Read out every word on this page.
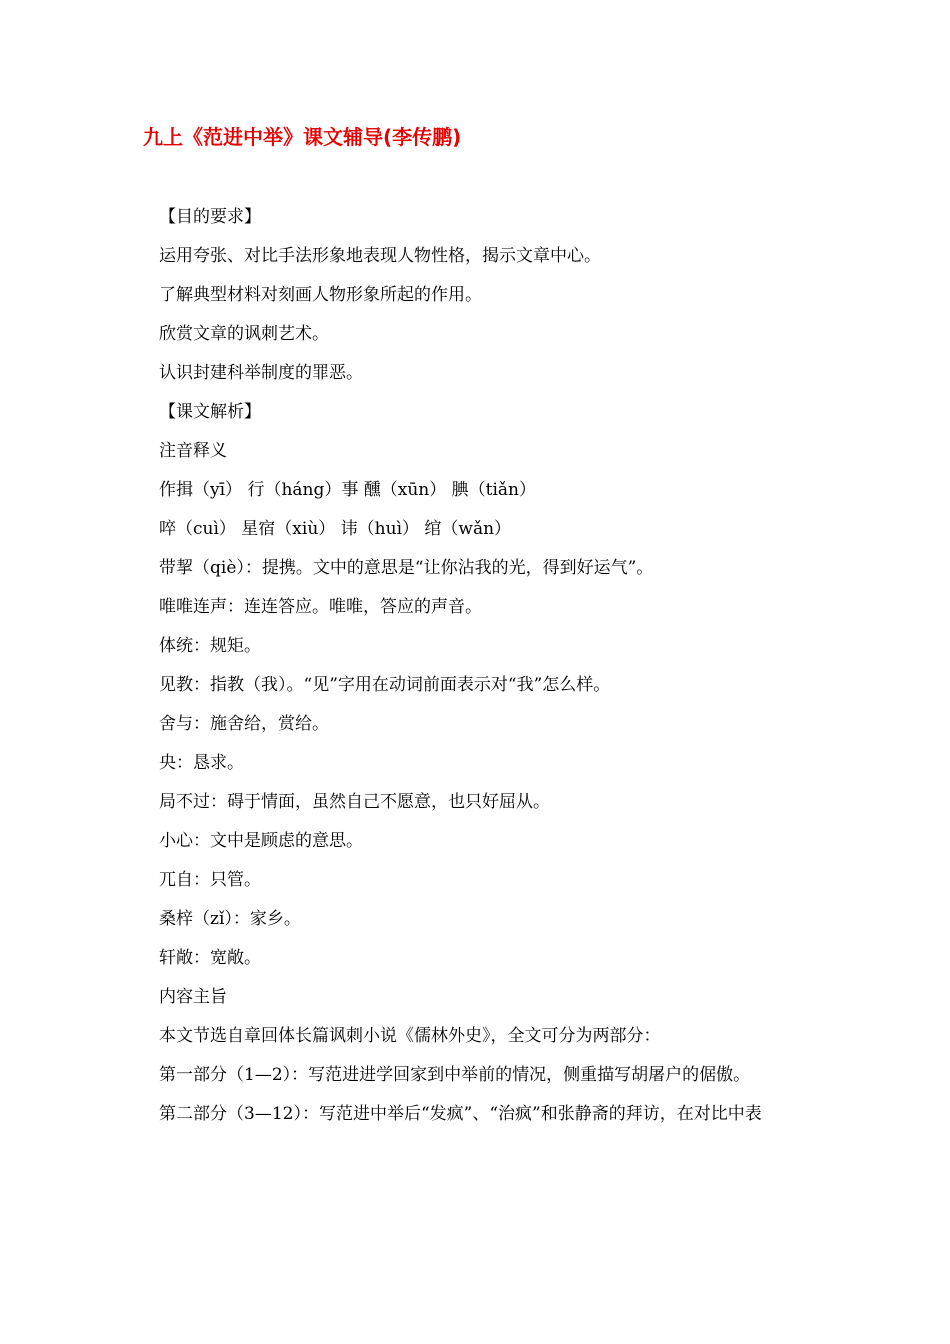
九上《范进中举》课文辅导(李传鹏)
【目的要求】
运用夸张、对比手法形象地表现人物性格，揭示文章中心。
了解典型材料对刻画人物形象所起的作用。
欣赏文章的讽刺艺术。
认识封建科举制度的罪恶。
【课文解析】
注音释义
作揖（yī） 行（háng）事 醺（xūn） 腆（tiǎn）
啐（cuì） 星宿（xiù） 讳（huì） 绾（wǎn）
带挈（qiè）：提携。文中的意思是“让你沾我的光，得到好运气”。
唯唯连声：连连答应。唯唯，答应的声音。
体统：规矩。
见教：指教（我）。“见”字用在动词前面表示对“我”怎么样。
舍与：施舍给，赏给。
央：恳求。
局不过：碍于情面，虽然自己不愿意，也只好屈从。
小心：文中是顾虑的意思。
兀自：只管。
桑梓（zǐ）：家乡。
轩敞：宽敞。
内容主旨
本文节选自章回体长篇讽刺小说《儒林外史》，全文可分为两部分：
第一部分（1—2）：写范进进学回家到中举前的情况，侧重描写胡屠户的倨傲。
第二部分（3—12）：写范进中举后“发疯”、“治疯”和张静斋的拜访，在对比中表
